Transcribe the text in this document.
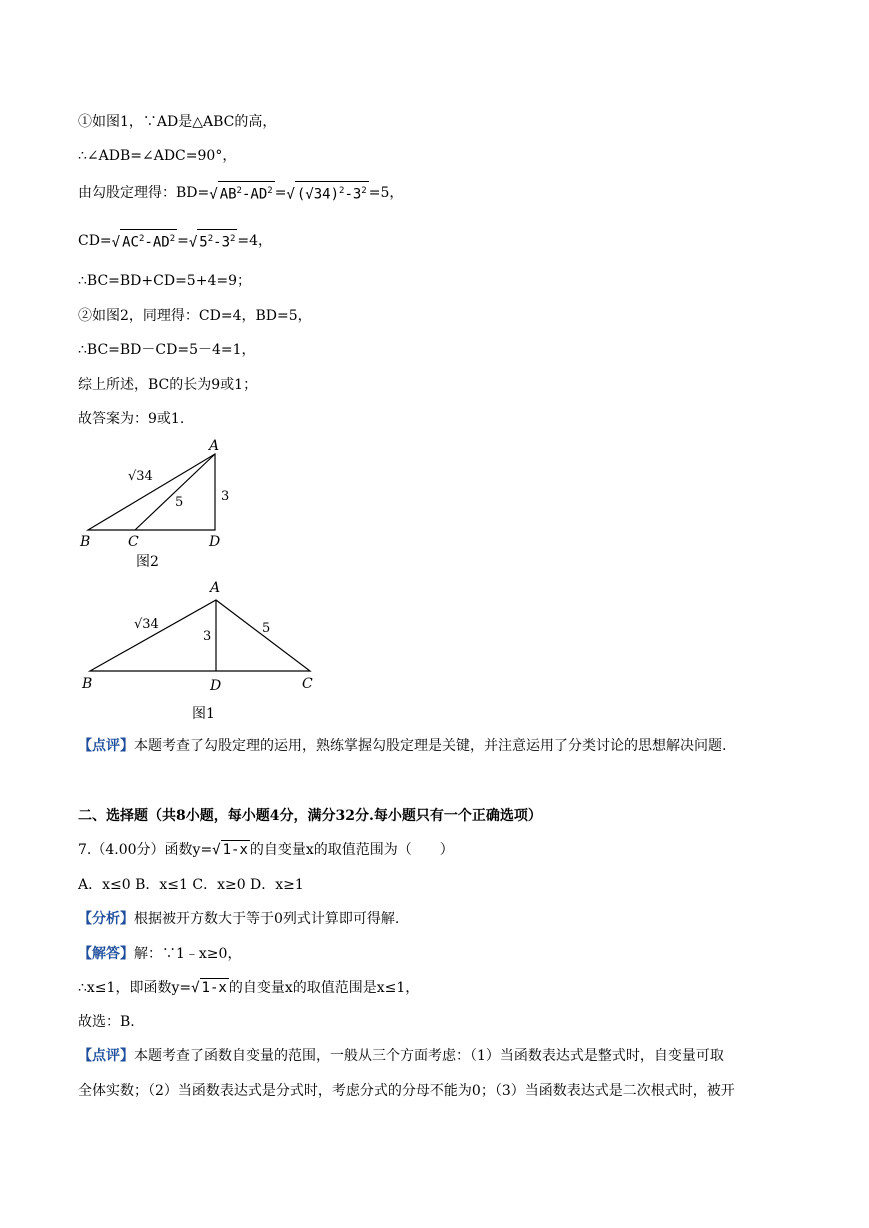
①如图1，∵AD是△ABC的高，
∴∠ADB=∠ADC=90°，
由勾股定理得：BD=√ $AB^2-AD^2$ =√ $(√34)^2-3^2 =5$，
CD=√ $AC^2-AD^2$ =√ $5^2-3^2 =4$，
∴BC=BD+CD=5+4=9；
②如图2，同理得：CD=4，BD=5，
∴BC=BD－CD=5－4=1，
综上所述，BC的长为9或1；
故答案为：9或1.
A
B	C	D
√34
5	3
图2
A
B	C
D
√34
3
5
图1
【点评】本题考查了勾股定理的运用，熟练掌握勾股定理是关键，并注意运用了分类讨论的思想解决问题.
二、选择题（共8小题，每小题4分，满分32分.每小题只有一个正确选项）
7.（4.00分）函数y=√ 1-x 的自变量x的取值范围为（　　）
A．x≤0 B．x≤1 C．x≥0 D．x≥1
【分析】根据被开方数大于等于0列式计算即可得解.
【解答】解：∵1﹣x≥0，
∴x≤1，即函数y=√ 1-x 的自变量x的取值范围是x≤1，
故选：B.
【点评】本题考查了函数自变量的范围，一般从三个方面考虑：（1）当函数表达式是整式时，自变量可取
全体实数；（2）当函数表达式是分式时，考虑分式的分母不能为0；（3）当函数表达式是二次根式时，被开
